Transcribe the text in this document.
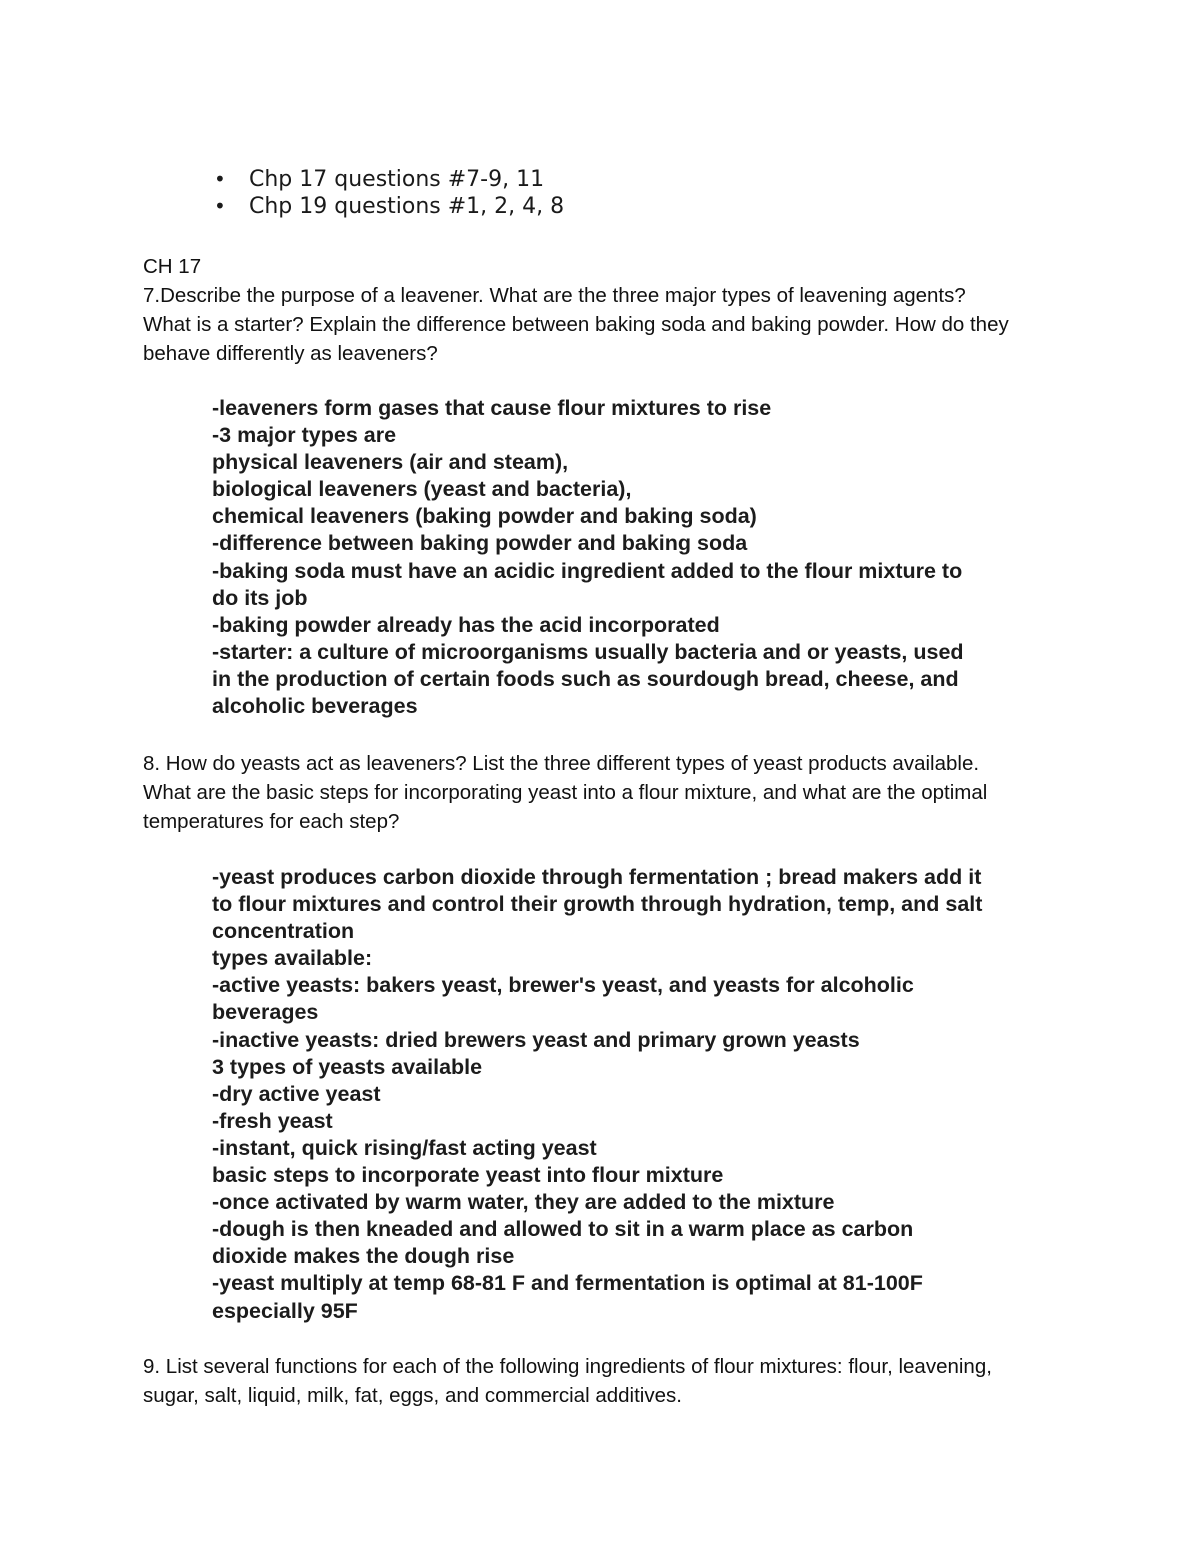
• Chp 17 questions #7-9, 11
• Chp 19 questions #1, 2, 4, 8
CH 17
7.Describe the purpose of a leavener. What are the three major types of leavening agents?
What is a starter? Explain the difference between baking soda and baking powder. How do they
behave differently as leaveners?
-leaveners form gases that cause flour mixtures to rise
-3 major types are
physical leaveners (air and steam),
biological leaveners (yeast and bacteria),
chemical leaveners (baking powder and baking soda)
-difference between baking powder and baking soda
-baking soda must have an acidic ingredient added to the flour mixture to
do its job
-baking powder already has the acid incorporated
-starter: a culture of microorganisms usually bacteria and or yeasts, used
in the production of certain foods such as sourdough bread, cheese, and
alcoholic beverages
8. How do yeasts act as leaveners? List the three different types of yeast products available.
What are the basic steps for incorporating yeast into a flour mixture, and what are the optimal
temperatures for each step?
-yeast produces carbon dioxide through fermentation ; bread makers add it
to flour mixtures and control their growth through hydration, temp, and salt
concentration
types available:
-active yeasts: bakers yeast, brewer's yeast, and yeasts for alcoholic
beverages
-inactive yeasts: dried brewers yeast and primary grown yeasts
3 types of yeasts available
-dry active yeast
-fresh yeast
-instant, quick rising/fast acting yeast
basic steps to incorporate yeast into flour mixture
-once activated by warm water, they are added to the mixture
-dough is then kneaded and allowed to sit in a warm place as carbon
dioxide makes the dough rise
-yeast multiply at temp 68-81 F and fermentation is optimal at 81-100F
especially 95F
9. List several functions for each of the following ingredients of flour mixtures: flour, leavening,
sugar, salt, liquid, milk, fat, eggs, and commercial additives.
